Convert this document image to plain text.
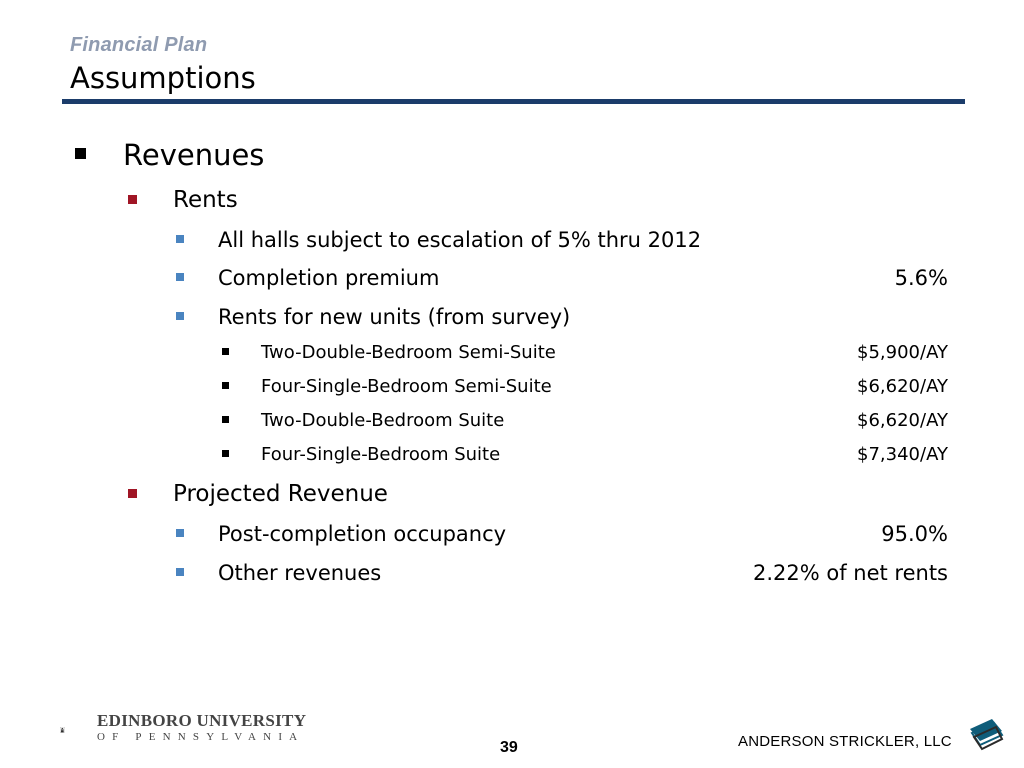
Financial Plan
Assumptions
Revenues
Rents
All halls subject to escalation of 5% thru 2012
Completion premium	5.6%
Rents for new units (from survey)
Two-Double-Bedroom Semi-Suite	$5,900/AY
Four-Single-Bedroom Semi-Suite	$6,620/AY
Two-Double-Bedroom Suite	$6,620/AY
Four-Single-Bedroom Suite	$7,340/AY
Projected Revenue
Post-completion occupancy	95.0%
Other revenues	2.22% of net rents
EDINBORO UNIVERSITY
OF PENNSYLVANIA
39	ANDERSON STRICKLER, LLC
